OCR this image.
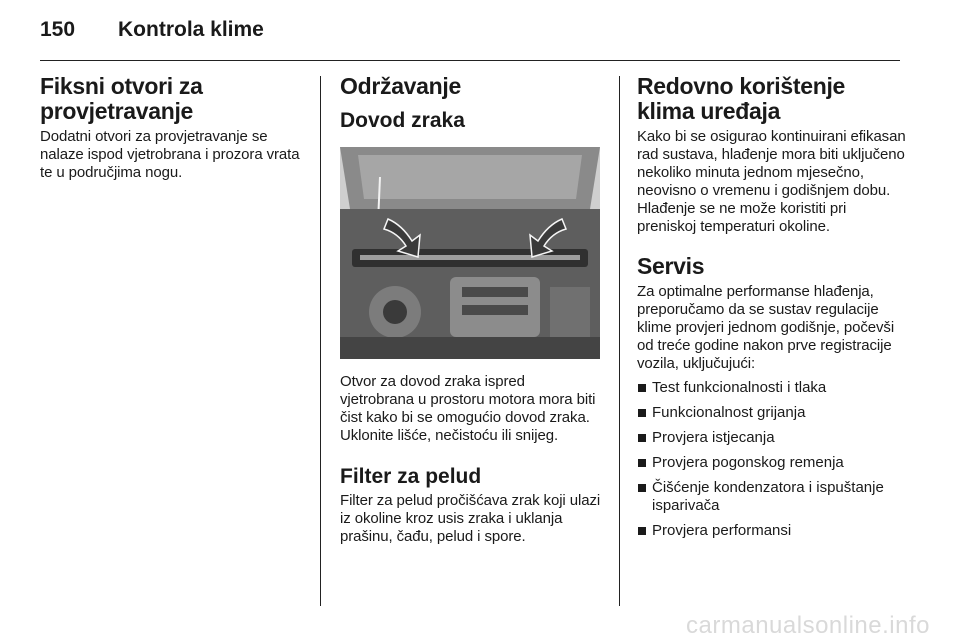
150 Kontrola klime
Fiksni otvori za provjetravanje

Dodatni otvori za provjetravanje se nalaze ispod vjetrobrana i prozora vrata te u područjima nogu.

Održavanje
Dovod zraka

Otvor za dovod zraka ispred vjetrobrana u prostoru motora mora biti čist kako bi se omogućio dovod zraka. Uklonite lišće, nečistoću ili snijeg.

Filter za pelud

Filter za pelud pročišćava zrak koji ulazi iz okoline kroz usis zraka i uklanja prašinu, čađu, pelud i spore.

Redovno korištenje klima uređaja

Kako bi se osigurao kontinuirani efikasan rad sustava, hlađenje mora biti uključeno nekoliko minuta jednom mjesečno, neovisno o vremenu i godišnjem dobu. Hlađenje se ne može koristiti pri preniskoj temperaturi okoline.

Servis

Za optimalne performanse hlađenja, preporučamo da se sustav regulacije klime provjeri jednom godišnje, počevši od treće godine nakon prve registracije vozila, uključujući:

Test funkcionalnosti i tlaka
Funkcionalnost grijanja
Provjera istjecanja
Provjera pogonskog remenja
Čišćenje kondenzatora i ispuštanje isparivača
Provjera performansi
carmanualsonline.info
